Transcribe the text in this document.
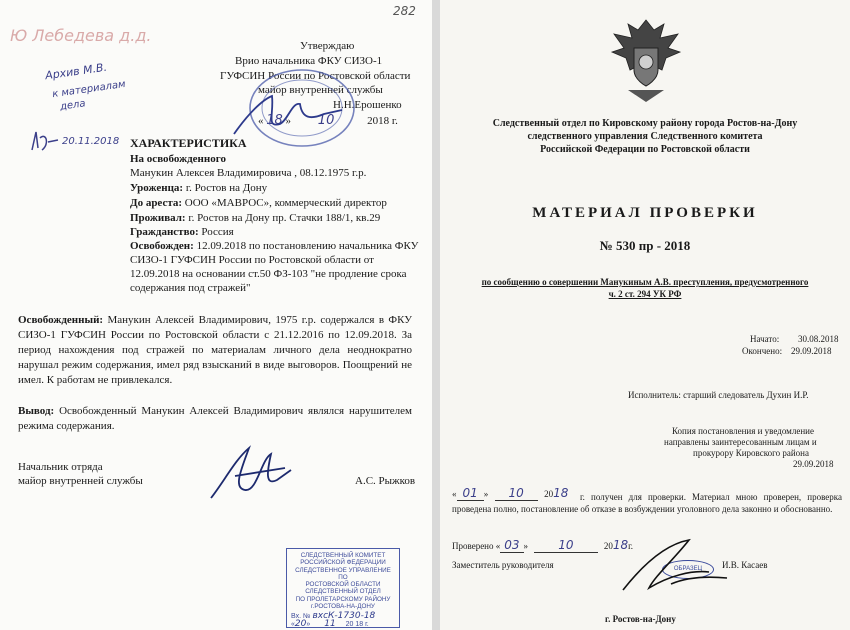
282
Ю Лебедева д.д.
Архив М.В.
к материалам
дела
20.11.2018
Утверждаю
Врио начальника ФКУ СИЗО-1
ГУФСИН России по Ростовской области
майор внутренней службы
Н.Н.Ерошенко
« 18 » 10	2018 г.
ХАРАКТЕРИСТИКА
На освобожденного
Манукин Алексея Владимировича , 08.12.1975 г.р.
Уроженца: г. Ростов на Дону
До ареста: ООО «МАВРОС», коммерческий директор
Проживал: г. Ростов на Дону пр. Стачки 188/1, кв.29
Гражданство: Россия
Освобожден: 12.09.2018 по постановлению начальника ФКУ
СИЗО-1 ГУФСИН России по Ростовской области от
12.09.2018 на основании ст.50 ФЗ-103 "не продление срока
содержания под стражей"
Освобожденный: Манукин Алексей Владимирович, 1975 г.р. содержался в ФКУ СИЗО-1 ГУФСИН России по Ростовской области с 21.12.2016 по 12.09.2018. За период нахождения под стражей по материалам личного дела неоднократно нарушал режим содержания, имел ряд взысканий в виде выговоров. Поощрений не имел. К работам не привлекался.
Вывод: Освобожденный Манукин Алексей Владимирович являлся нарушителем режима содержания.
Начальник отряда
майор внутренней службы	А.С. Рыжков
СЛЕДСТВЕННЫЙ КОМИТЕТ
РОССИЙСКОЙ ФЕДЕРАЦИИ
СЛЕДСТВЕННОЕ УПРАВЛЕНИЕ ПО
РОСТОВСКОЙ ОБЛАСТИ
СЛЕДСТВЕННЫЙ ОТДЕЛ
ПО ПРОЛЕТАРСКОМУ РАЙОНУ
г.РОСТОВА-НА-ДОНУ
Вх. № вxсК-1730-18
«20» 11 20 18 г.
Следственный отдел по Кировскому району города Ростов-на-Дону
следственного управления Следственного комитета
Российской Федерации по Ростовской области
МАТЕРИАЛ ПРОВЕРКИ
№ 530 пр - 2018
по сообщению о совершении Манукиным А.В. преступления, предусмотренного
ч. 2 ст. 294 УК РФ
Начато: 30.08.2018
Окончено: 29.09.2018
Исполнитель: старший следователь Духин И.Р.
Копия постановления и уведомление
направлены заинтересованным лицам и
прокурору Кировского района
29.09.2018
« 01 » 10 2018	г. получен для проверки. Материал мною проверен, проверка проведена полно, постановление об отказе в возбуждении уголовного дела законно и обоснованно.
Проверено « 03 »	10	2018г.
Заместитель руководителя	И.В. Касаев
ОБРАЗЕЦ
г. Ростов-на-Дону
